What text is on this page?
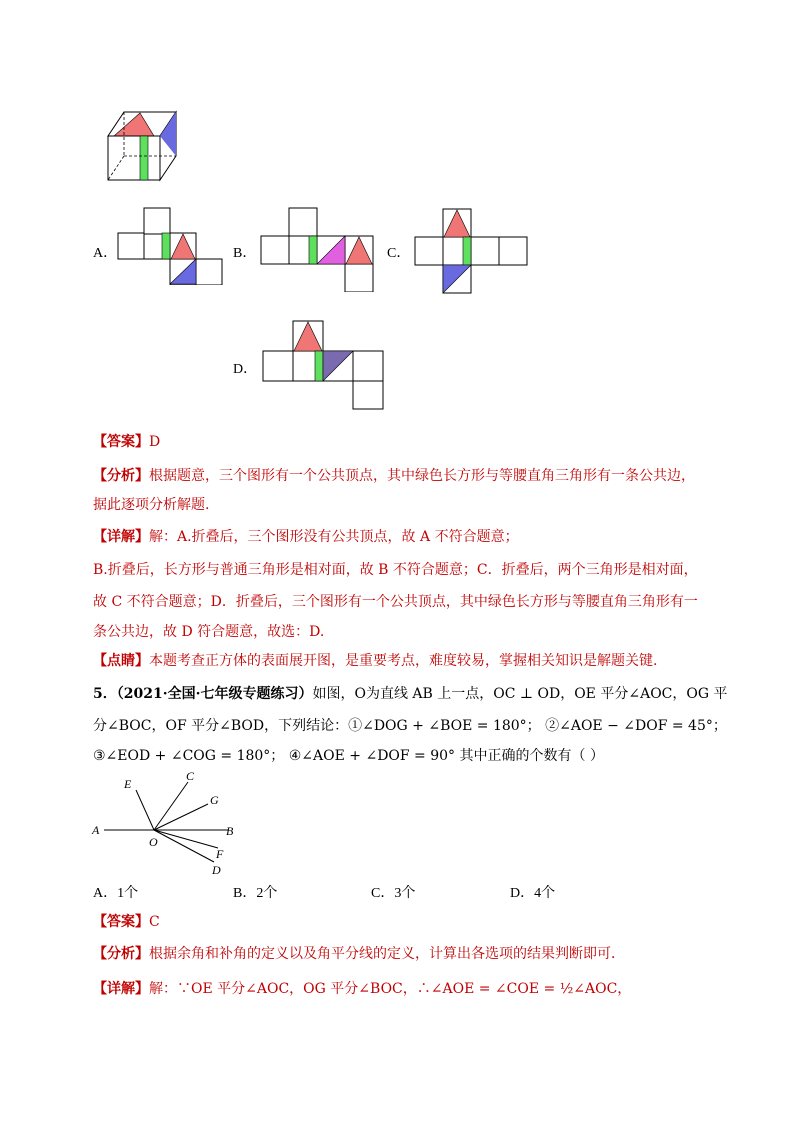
A．	B．	C．
D．
【答案】D
【分析】根据题意，三个图形有一个公共顶点，其中绿色长方形与等腰直角三角形有一条公共边，
据此逐项分析解题.
【详解】解：A.折叠后，三个图形没有公共顶点，故 A 不符合题意；
B.折叠后，长方形与普通三角形是相对面，故 B 不符合题意；C．折叠后，两个三角形是相对面，
故 C 不符合题意；D．折叠后，三个图形有一个公共顶点，其中绿色长方形与等腰直角三角形有一
条公共边，故 D 符合题意，故选：D.
【点睛】本题考查正方体的表面展开图，是重要考点，难度较易，掌握相关知识是解题关键.
5．（2021·全国·七年级专题练习）如图，O为直线 AB 上一点，OC ⊥ OD，OE 平分∠AOC，OG 平
分∠BOC，OF 平分∠BOD，下列结论：①∠DOG + ∠BOE = 180°； ②∠AOE − ∠DOF = 45°；
③∠EOD + ∠COG = 180°； ④∠AOE + ∠DOF = 90° 其中正确的个数有（ ）
E
C
G
A
O
B
F
D
A．1个	B．2个	C．3个	D．4个
【答案】C
【分析】根据余角和补角的定义以及角平分线的定义，计算出各选项的结果判断即可．
【详解】解：∵OE 平分∠AOC，OG 平分∠BOC，∴∠AOE = ∠COE = ½∠AOC，
